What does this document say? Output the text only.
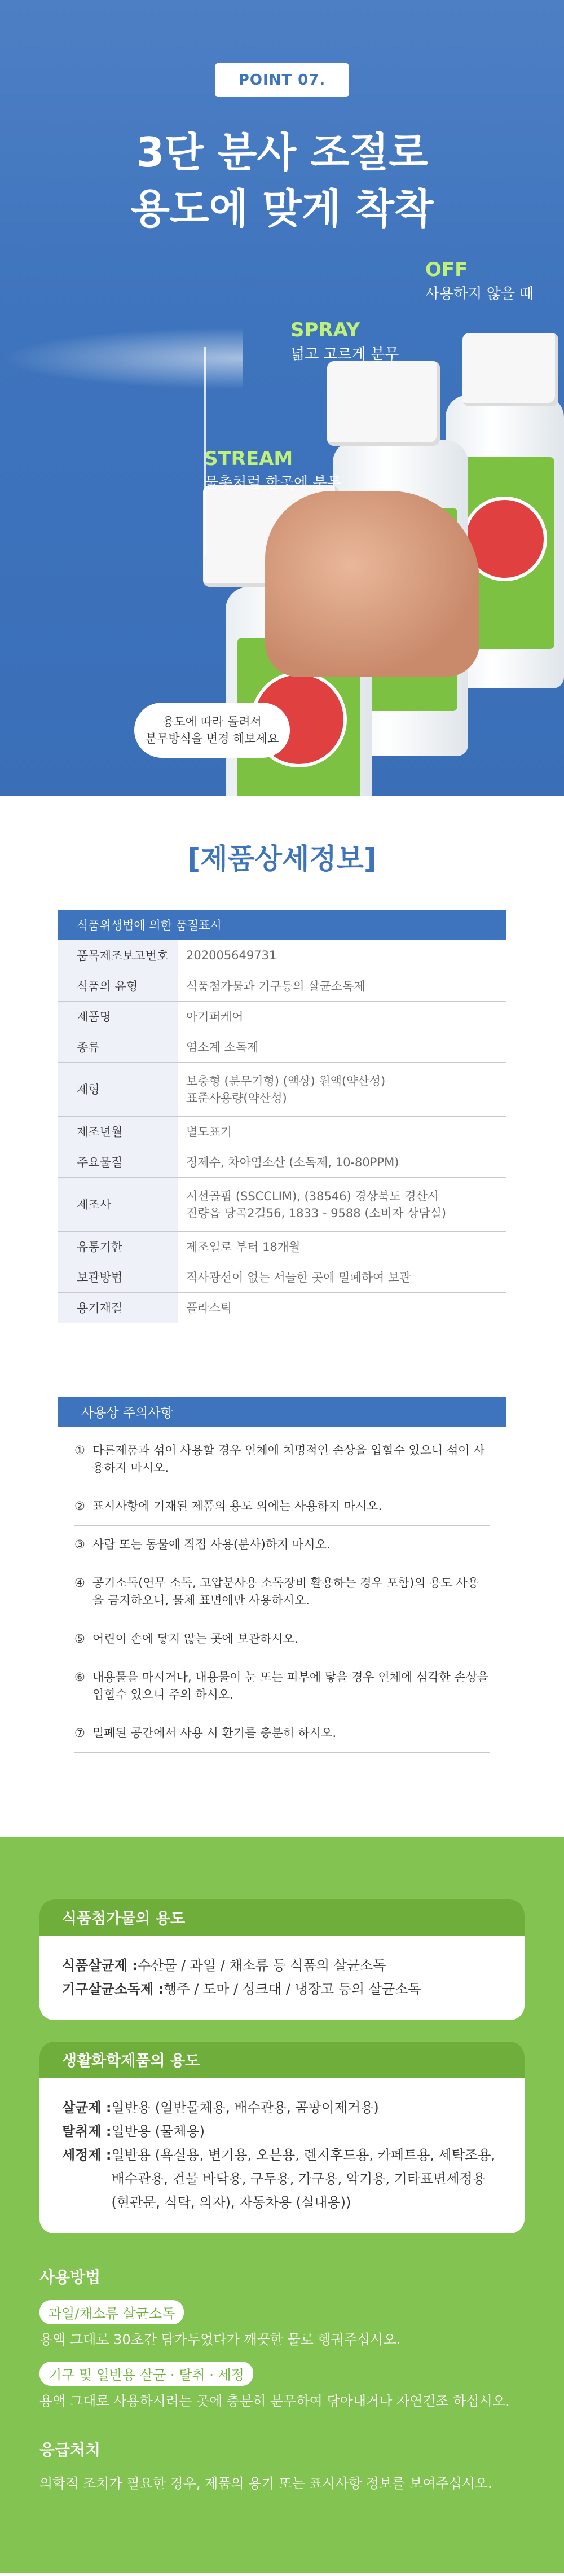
POINT 07.
3단 분사 조절로
용도에 맞게 착착
OFF
사용하지 않을 때
SPRAY
넓고 고르게 분무
STREAM
물총처럼 한곳에 분무
용도에 따라 돌려서
분무방식을 변경 해보세요
[제품상세정보]
식품위생법에 의한 품질표시	
품목제조보고번호	202005649731
식품의 유형	식품첨가물과 기구등의 살균소독제
제품명	아기퍼케어
종류	염소계 소독제
제형	보충형 (분무기형) (액상) 원액(약산성)
표준사용량(약산성)

제조년월	별도표기
주요물질	정제수, 차아염소산 (소독제, 10-80PPM)
제조사	시선골핌 (SSCCLIM), (38546) 경상북도 경산시
진량읍 당곡2길56, 1833 - 9588 (소비자 상담실)

유통기한	제조일로 부터 18개월
보관방법	직사광선이 없는 서늘한 곳에 밀폐하여 보관
용기재질	플라스틱
사용상 주의사항
① 다른제품과 섞어 사용할 경우 인체에 치명적인 손상을 입힐수 있으니 섞어 사용하지 마시오.
② 표시사항에 기재된 제품의 용도 외에는 사용하지 마시오.
③ 사람 또는 동물에 직접 사용(분사)하지 마시오.
④ 공기소독(연무 소독, 고압분사용 소독장비 활용하는 경우 포함)의 용도 사용을 금지하오니, 물체 표면에만 사용하시오.
⑤ 어린이 손에 닿지 않는 곳에 보관하시오.
⑥ 내용물을 마시거나, 내용물이 눈 또는 피부에 닿을 경우 인체에 심각한 손상을 입힐수 있으니 주의 하시오.
⑦ 밀폐된 공간에서 사용 시 환기를 충분히 하시오.
식품첨가물의 용도
식품살균제 : 수산물 / 과일 / 채소류 등 식품의 살균소독
기구살균소독제 : 행주 / 도마 / 싱크대 / 냉장고 등의 살균소독
생활화학제품의 용도
살균제 : 일반용 (일반물체용, 배수관용, 곰팡이제거용)
탈취제 : 일반용 (물체용)
세정제 : 일반용 (욕실용, 변기용, 오븐용, 렌지후드용, 카페트용, 세탁조용, 배수관용, 건물 바닥용, 구두용, 가구용, 악기용, 기타표면세정용 (현관문, 식탁, 의자), 자동차용 (실내용))
사용방법
과일/채소류 살균소독
용액 그대로 30초간 담가두었다가 깨끗한 물로 헹궈주십시오.
기구 및 일반용 살균 · 탈취 · 세정
용액 그대로 사용하시려는 곳에 충분히 분무하여 닦아내거나 자연건조 하십시오.
응급처치
의학적 조치가 필요한 경우, 제품의 용기 또는 표시사항 정보를 보여주십시오.
